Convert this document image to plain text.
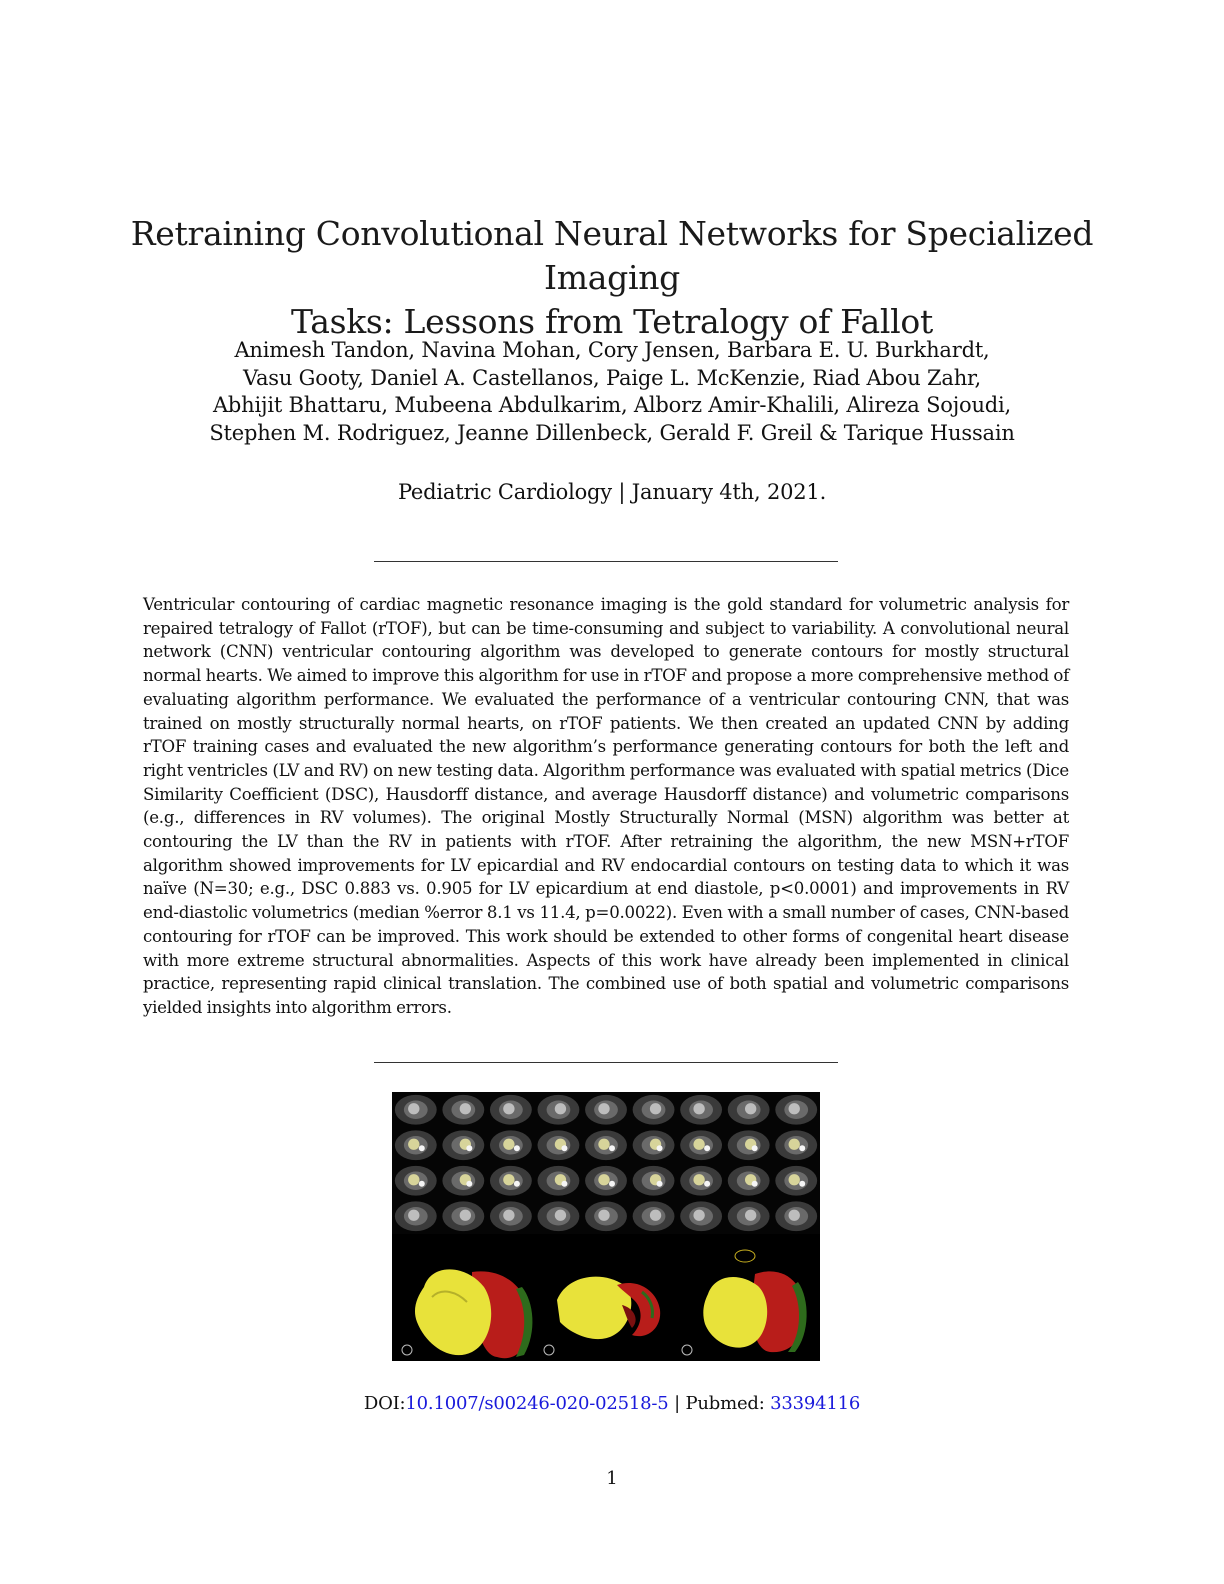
Retraining Convolutional Neural Networks for Specialized Imaging
Tasks: Lessons from Tetralogy of Fallot
Animesh Tandon, Navina Mohan, Cory Jensen, Barbara E. U. Burkhardt,
Vasu Gooty, Daniel A. Castellanos, Paige L. McKenzie, Riad Abou Zahr,
Abhijit Bhattaru, Mubeena Abdulkarim, Alborz Amir-Khalili, Alireza Sojoudi,
Stephen M. Rodriguez, Jeanne Dillenbeck, Gerald F. Greil & Tarique Hussain
Pediatric Cardiology | January 4th, 2021.
Ventricular contouring of cardiac magnetic resonance imaging is the gold standard for volumetric analysis for repaired tetralogy of Fallot (rTOF), but can be time-consuming and subject to variability. A convolutional neural network (CNN) ventricular contouring algorithm was developed to generate contours for mostly structural normal hearts. We aimed to improve this algorithm for use in rTOF and propose a more comprehensive method of evaluating algorithm performance. We evaluated the performance of a ventricular contouring CNN, that was trained on mostly structurally normal hearts, on rTOF patients. We then created an updated CNN by adding rTOF training cases and evaluated the new algorithm’s performance generating contours for both the left and right ventricles (LV and RV) on new testing data. Algorithm performance was evaluated with spatial metrics (Dice Similarity Coefficient (DSC), Hausdorff distance, and average Hausdorff distance) and volumetric comparisons (e.g., differences in RV volumes). The original Mostly Structurally Normal (MSN) algorithm was better at contouring the LV than the RV in patients with rTOF. After retraining the algorithm, the new MSN+rTOF algorithm showed improvements for LV epicardial and RV endocardial contours on testing data to which it was naïve (N=30; e.g., DSC 0.883 vs. 0.905 for LV epicardium at end diastole, p<0.0001) and improvements in RV end-diastolic volumetrics (median %error 8.1 vs 11.4, p=0.0022). Even with a small number of cases, CNN-based contouring for rTOF can be improved. This work should be extended to other forms of congenital heart disease with more extreme structural abnormalities. Aspects of this work have already been implemented in clinical practice, representing rapid clinical translation. The combined use of both spatial and volumetric comparisons yielded insights into algorithm errors.
DOI:10.1007/s00246-020-02518-5 | Pubmed: 33394116
1
